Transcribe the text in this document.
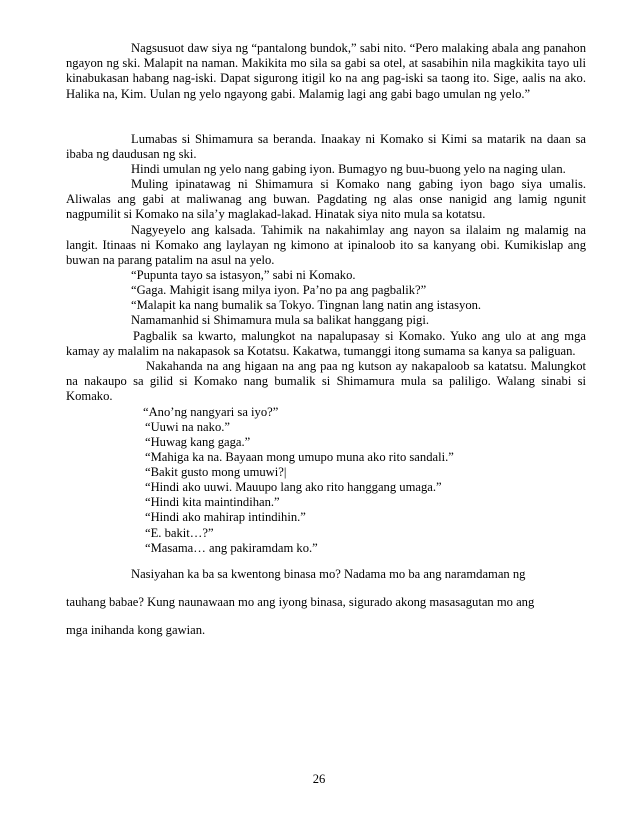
Nagsusuot daw siya ng “pantalong bundok,” sabi nito. “Pero malaking abala ang panahon ngayon ng ski. Malapit na naman. Makikita mo sila sa gabi sa otel, at sasabihin nila magkikita tayo uli kinabukasan habang nag-iski. Dapat sigurong itigil ko na ang pag-iski sa taong ito. Sige, aalis na ako. Halika na, Kim. Uulan ng yelo ngayong gabi. Malamig lagi ang gabi bago umulan ng yelo.”

Lumabas si Shimamura sa beranda. Inaakay ni Komako si Kimi sa matarik na daan sa ibaba ng daudusan ng ski.

Hindi umulan ng yelo nang gabing iyon. Bumagyo ng buu-buong yelo na naging ulan.

Muling ipinatawag ni Shimamura si Komako nang gabing iyon bago siya umalis. Aliwalas ang gabi at maliwanag ang buwan. Pagdating ng alas onse nanigid ang lamig ngunit nagpumilit si Komako na sila’y maglakad-lakad. Hinatak siya nito mula sa kotatsu.

Nagyeyelo ang kalsada. Tahimik na nakahimlay ang nayon sa ilalaim ng malamig na langit. Itinaas ni Komako ang laylayan ng kimono at ipinaloob ito sa kanyang obi. Kumikislap ang buwan na parang patalim na asul na yelo.

“Pupunta tayo sa istasyon,” sabi ni Komako.

“Gaga. Mahigit isang milya iyon. Pa’no pa ang pagbalik?”

“Malapit ka nang bumalik sa Tokyo. Tingnan lang natin ang istasyon.

Namamanhid si Shimamura mula sa balikat hanggang pigi.

Pagbalik sa kwarto, malungkot na napalupasay si Komako. Yuko ang ulo at ang mga kamay ay malalim na nakapasok sa Kotatsu. Kakatwa, tumanggi itong sumama sa kanya sa paliguan.

Nakahanda na ang higaan na ang paa ng kutson ay nakapaloob sa katatsu. Malungkot na nakaupo sa gilid si Komako nang bumalik si Shimamura mula sa paliligo. Walang sinabi si Komako.

“Ano’ng nangyari sa iyo?”

“Uuwi na nako.”

“Huwag kang gaga.”

“Mahiga ka na. Bayaan mong umupo muna ako rito sandali.”

“Bakit gusto mong umuwi?|

“Hindi ako uuwi. Mauupo lang ako rito hanggang umaga.”

“Hindi kita maintindihan.”

“Hindi ako mahirap intindihin.”

“E. bakit…?”

“Masama… ang pakiramdam ko.”

Nasiyahan ka ba sa kwentong binasa mo? Nadama mo ba ang naramdaman ng tauhang babae? Kung naunawaan mo ang iyong binasa, sigurado akong masasagutan mo ang mga inihanda kong gawian.

26
